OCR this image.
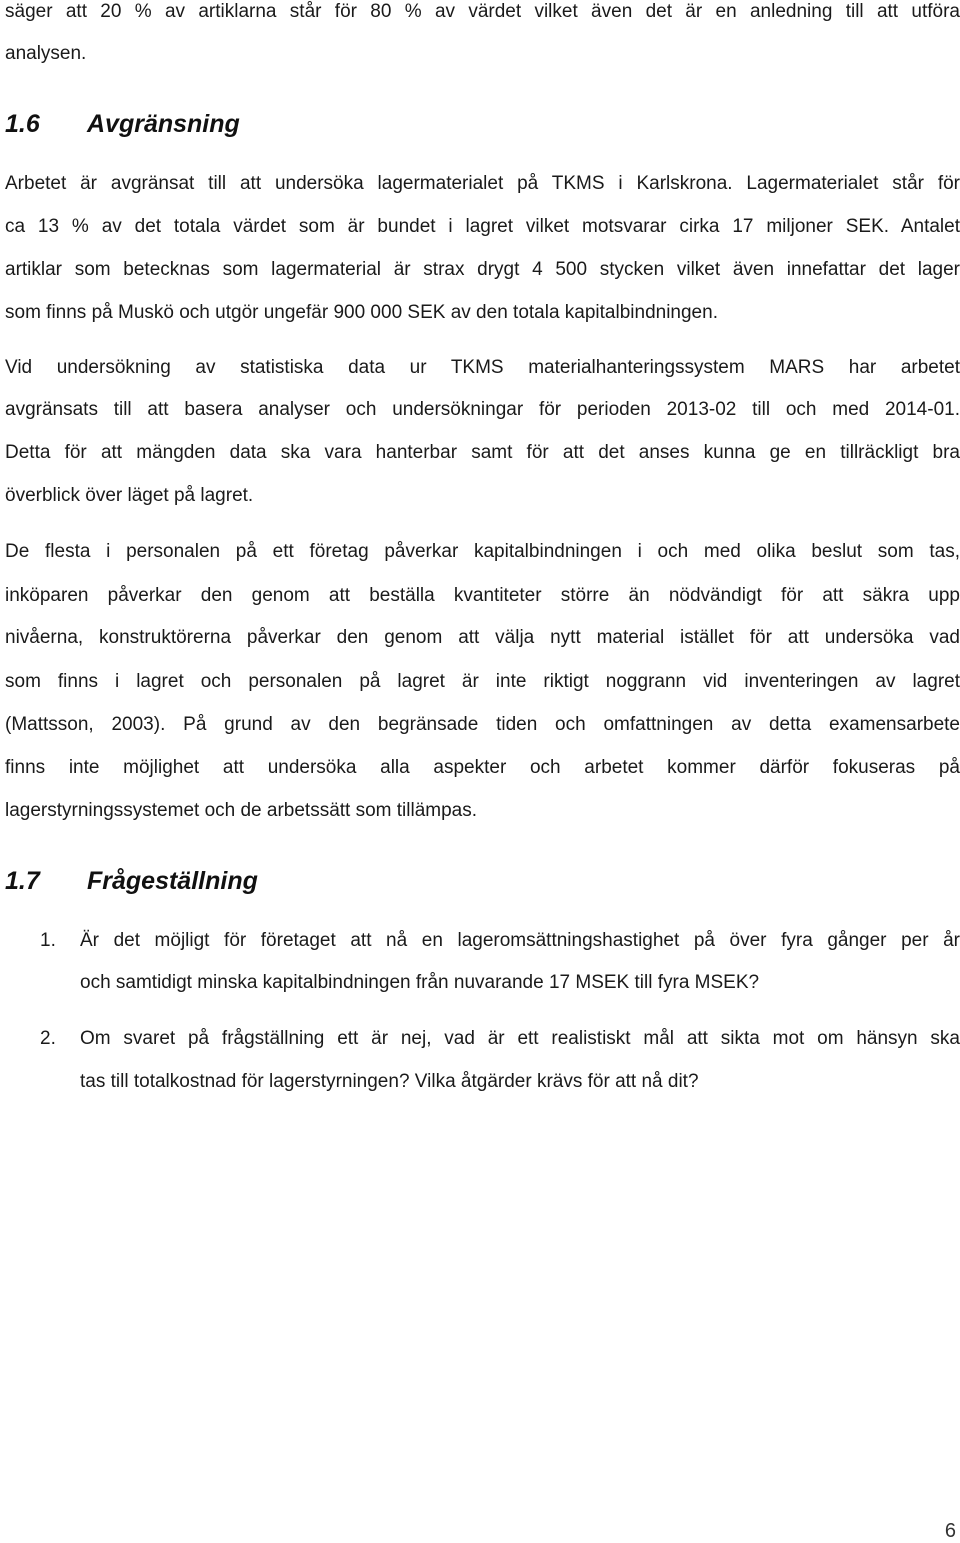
säger att 20 % av artiklarna står för 80 % av värdet vilket även det är en anledning till att utföra
analysen.
1.6 Avgränsning
Arbetet är avgränsat till att undersöka lagermaterialet på TKMS i Karlskrona. Lagermaterialet står för
ca 13 % av det totala värdet som är bundet i lagret vilket motsvarar cirka 17 miljoner SEK. Antalet
artiklar som betecknas som lagermaterial är strax drygt 4 500 stycken vilket även innefattar det lager
som finns på Muskö och utgör ungefär 900 000 SEK av den totala kapitalbindningen.
Vid undersökning av statistiska data ur TKMS materialhanteringssystem MARS har arbetet
avgränsats till att basera analyser och undersökningar för perioden 2013-02 till och med 2014-01.
Detta för att mängden data ska vara hanterbar samt för att det anses kunna ge en tillräckligt bra
överblick över läget på lagret.
De flesta i personalen på ett företag påverkar kapitalbindningen i och med olika beslut som tas,
inköparen påverkar den genom att beställa kvantiteter större än nödvändigt för att säkra upp
nivåerna, konstruktörerna påverkar den genom att välja nytt material istället för att undersöka vad
som finns i lagret och personalen på lagret är inte riktigt noggrann vid inventeringen av lagret
(Mattsson, 2003). På grund av den begränsade tiden och omfattningen av detta examensarbete
finns inte möjlighet att undersöka alla aspekter och arbetet kommer därför fokuseras på
lagerstyrningssystemet och de arbetssätt som tillämpas.
1.7 Frågeställning
1. Är det möjligt för företaget att nå en lageromsättningshastighet på över fyra gånger per år
och samtidigt minska kapitalbindningen från nuvarande 17 MSEK till fyra MSEK?
2. Om svaret på frågställning ett är nej, vad är ett realistiskt mål att sikta mot om hänsyn ska
tas till totalkostnad för lagerstyrningen? Vilka åtgärder krävs för att nå dit?
6
